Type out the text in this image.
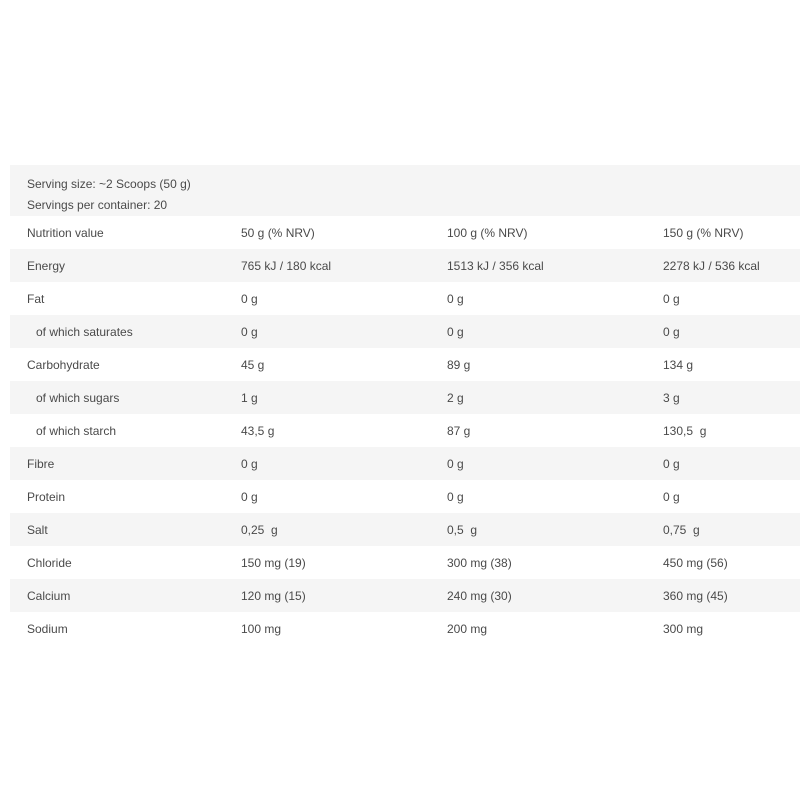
Serving size: ~2 Scoops (50 g)
Servings per container: 20
Nutrition value	50 g (% NRV)	100 g (% NRV)	150 g (% NRV)
Energy	765 kJ / 180 kcal	1513 kJ / 356 kcal	2278 kJ / 536 kcal
Fat	0 g	0 g	0 g
of which saturates	0 g	0 g	0 g
Carbohydrate	45 g	89 g	134 g
of which sugars	1 g	2 g	3 g
of which starch	43,5 g	87 g	130,5  g
Fibre	0 g	0 g	0 g
Protein	0 g	0 g	0 g
Salt	0,25  g	0,5  g	0,75  g
Chloride	150 mg (19)	300 mg (38)	450 mg (56)
Calcium	120 mg (15)	240 mg (30)	360 mg (45)
Sodium	100 mg	200 mg	300 mg
